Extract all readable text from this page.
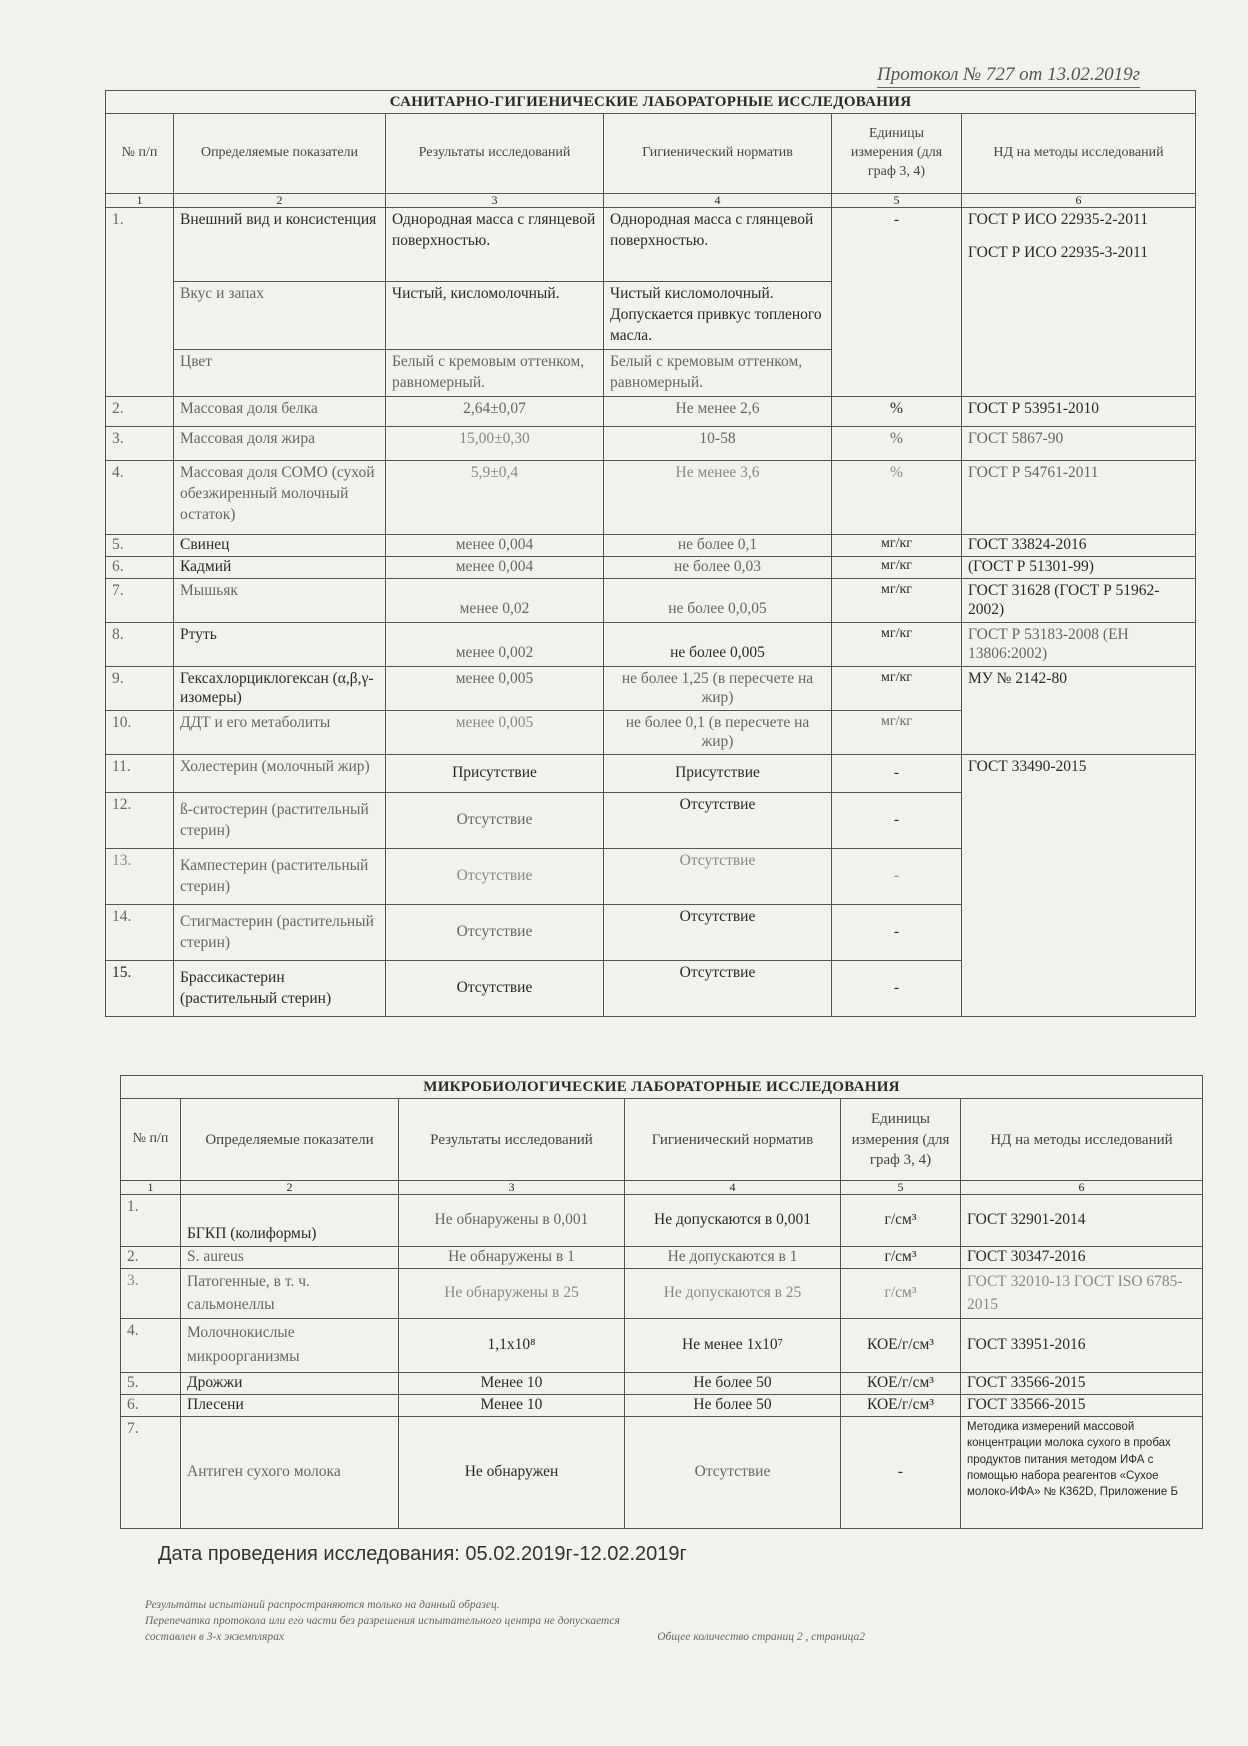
Протокол № 727 от 13.02.2019г
САНИТАРНО-ГИГИЕНИЧЕСКИЕ ЛАБОРАТОРНЫЕ ИССЛЕДОВАНИЯ					
№ п/п	Определяемые показатели	Результаты исследований	Гигиенический норматив	Единицы измерения (для граф 3, 4)	НД на методы исследований
1	2	3	4	5	6
1.	Внешний вид и консистенция	Однородная масса с глянцевой поверхностью.	Однородная масса с глянцевой поверхностью.	-	ГОСТ Р ИСО 22935-2-2011
ГОСТ Р ИСО 22935-3-2011

	Вкус и запах	Чистый, кисломолочный.	Чистый кисломолочный. Допускается привкус топленого масла.		
	Цвет	Белый с кремовым оттенком, равномерный.	Белый с кремовым оттенком, равномерный.		
2.	Массовая доля белка	2,64±0,07	Не менее 2,6	%	ГОСТ Р 53951-2010
3.	Массовая доля жира	15,00±0,30	10-58	%	ГОСТ 5867-90
4.	Массовая доля СОМО (сухой обезжиренный молочный остаток)	5,9±0,4	Не менее 3,6	%	ГОСТ Р 54761-2011
5.	Свинец	менее 0,004	не более 0,1	мг/кг	ГОСТ 33824-2016
6.	Кадмий	менее 0,004	не более 0,03	мг/кг	(ГОСТ Р 51301-99)
7.	Мышьяк	менее 0,02	не более 0,0,05	мг/кг	ГОСТ 31628 (ГОСТ Р 51962-2002)
8.	Ртуть	менее 0,002	не более 0,005	мг/кг	ГОСТ Р 53183-2008 (ЕН 13806:2002)
9.	Гексахлорциклогексан (α,β,γ-изомеры)	менее 0,005	не более 1,25 (в пересчете на жир)	мг/кг	МУ № 2142-80
10.	ДДТ и его метаболиты	менее 0,005	не более 0,1 (в пересчете на жир)	мг/кг	
11.	Холестерин (молочный жир)	Присутствие	Присутствие	-	ГОСТ 33490-2015
12.	ß-ситостерин (растительный стерин)	Отсутствие	Отсутствие	-	
13.	Кампестерин (растительный стерин)	Отсутствие	Отсутствие	-	
14.	Стигмастерин (растительный стерин)	Отсутствие	Отсутствие	-	
15.	Брассикастерин (растительный стерин)	Отсутствие	Отсутствие	-	
МИКРОБИОЛОГИЧЕСКИЕ ЛАБОРАТОРНЫЕ ИССЛЕДОВАНИЯ					
№ п/п	Определяемые показатели	Результаты исследований	Гигиенический норматив	Единицы измерения (для граф 3, 4)	НД на методы исследований
1	2	3	4	5	6
1.	БГКП (колиформы)	Не обнаружены в 0,001	Не допускаются в 0,001	г/см³	ГОСТ 32901-2014
2.	S. aureus	Не обнаружены в 1	Не допускаются в 1	г/см³	ГОСТ 30347-2016
3.	Патогенные, в т. ч. сальмонеллы	Не обнаружены в 25	Не допускаются в 25	г/см³	ГОСТ 32010-13 ГОСТ ISO 6785-2015
4.	Молочнокислые микроорганизмы	1,1x10⁸	Не менее 1x10⁷	КОЕ/г/см³	ГОСТ 33951-2016
5.	Дрожжи	Менее 10	Не более 50	КОЕ/г/см³	ГОСТ 33566-2015
6.	Плесени	Менее 10	Не более 50	КОЕ/г/см³	ГОСТ 33566-2015
7.	Антиген сухого молока	Не обнаружен	Отсутствие	-	Методика измерений массовой концентрации молока сухого в пробах продуктов питания методом ИФА с помощью набора реагентов «Сухое молоко-ИФА» № К362D, Приложение Б
Дата проведения исследования: 05.02.2019г-12.02.2019г
Результаты испытаний распространяются только на данный образец.
Перепечатка протокола или его части без разрешения испытательного центра не допускается
составлен в 3-х экземплярах	Общее количество страниц 2 , страница2
